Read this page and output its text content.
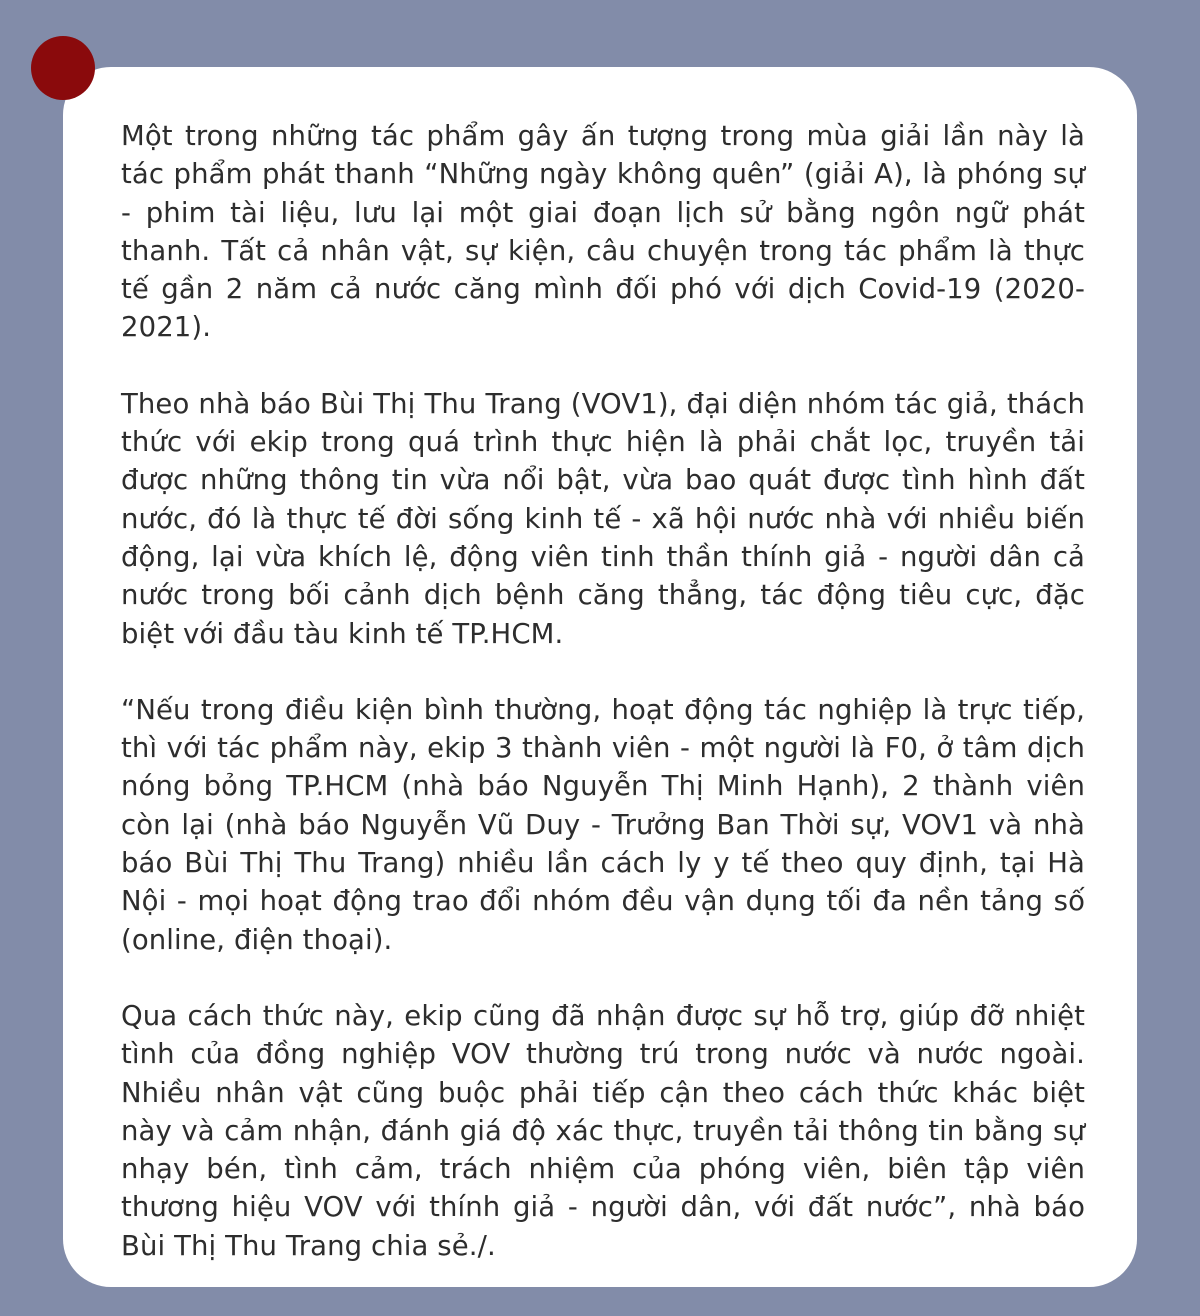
Một trong những tác phẩm gây ấn tượng trong mùa giải lần này là tác phẩm phát thanh “Những ngày không quên” (giải A), là phóng sự - phim tài liệu, lưu lại một giai đoạn lịch sử bằng ngôn ngữ phát thanh. Tất cả nhân vật, sự kiện, câu chuyện trong tác phẩm là thực tế gần 2 năm cả nước căng mình đối phó với dịch Covid-19 (2020-2021).

Theo nhà báo Bùi Thị Thu Trang (VOV1), đại diện nhóm tác giả, thách thức với ekip trong quá trình thực hiện là phải chắt lọc, truyền tải được những thông tin vừa nổi bật, vừa bao quát được tình hình đất nước, đó là thực tế đời sống kinh tế - xã hội nước nhà với nhiều biến động, lại vừa khích lệ, động viên tinh thần thính giả - người dân cả nước trong bối cảnh dịch bệnh căng thẳng, tác động tiêu cực, đặc biệt với đầu tàu kinh tế TP.HCM.

“Nếu trong điều kiện bình thường, hoạt động tác nghiệp là trực tiếp, thì với tác phẩm này, ekip 3 thành viên - một người là F0, ở tâm dịch nóng bỏng TP.HCM (nhà báo Nguyễn Thị Minh Hạnh), 2 thành viên còn lại (nhà báo Nguyễn Vũ Duy - Trưởng Ban Thời sự, VOV1 và nhà báo Bùi Thị Thu Trang) nhiều lần cách ly y tế theo quy định, tại Hà Nội - mọi hoạt động trao đổi nhóm đều vận dụng tối đa nền tảng số (online, điện thoại).

Qua cách thức này, ekip cũng đã nhận được sự hỗ trợ, giúp đỡ nhiệt tình của đồng nghiệp VOV thường trú trong nước và nước ngoài. Nhiều nhân vật cũng buộc phải tiếp cận theo cách thức khác biệt này và cảm nhận, đánh giá độ xác thực, truyền tải thông tin bằng sự nhạy bén, tình cảm, trách nhiệm của phóng viên, biên tập viên thương hiệu VOV với thính giả - người dân, với đất nước”, nhà báo Bùi Thị Thu Trang chia sẻ./.
